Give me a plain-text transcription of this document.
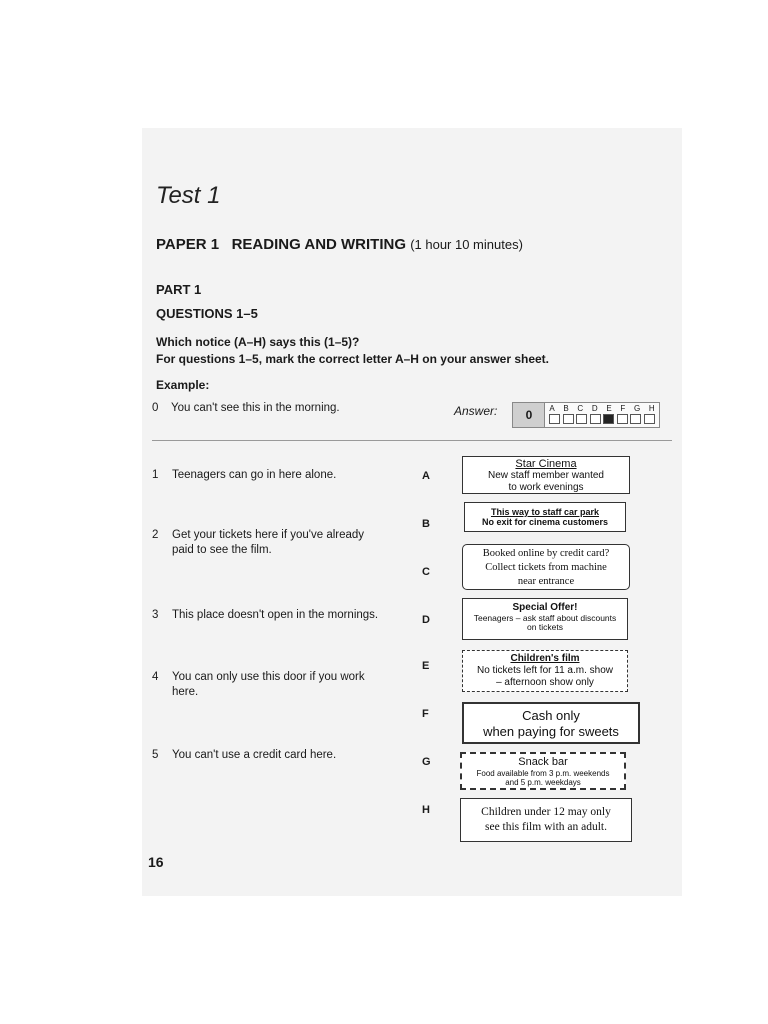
Test 1
PAPER 1   READING AND WRITING (1 hour 10 minutes)
PART 1
QUESTIONS 1–5
Which notice (A–H) says this (1–5)?
For questions 1–5, mark the correct letter A–H on your answer sheet.
Example:
0 You can't see this in the morning.	Answer:	0	A B C D E F G H
1 Teenagers can go in here alone.
2 Get your tickets here if you've already paid to see the film.
3 This place doesn't open in the mornings.
4 You can only use this door if you work here.
5 You can't use a credit card here.
A
B
C
D
E
F
G
H
Star Cinema
New staff member wanted
to work evenings
This way to staff car park
No exit for cinema customers
Booked online by credit card?
Collect tickets from machine
near entrance
Special Offer!
Teenagers – ask staff about discounts
on tickets
Children's film
No tickets left for 11 a.m. show
– afternoon show only
Cash only
when paying for sweets
Snack bar
Food available from 3 p.m. weekends
and 5 p.m. weekdays
Children under 12 may only
see this film with an adult.
16
